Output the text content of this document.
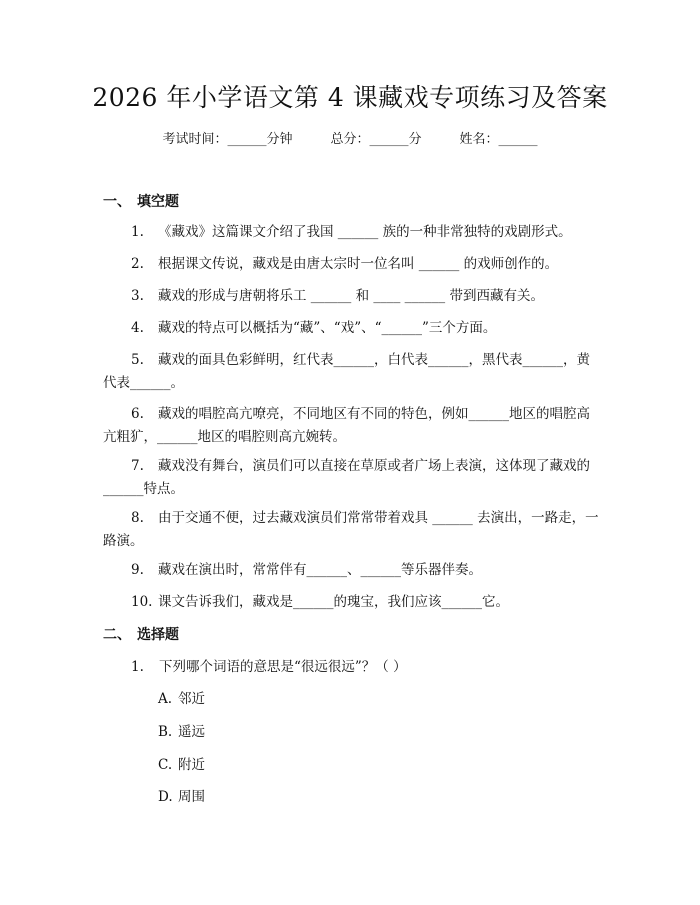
2026 年小学语文第 4 课藏戏专项练习及答案
考试时间：______分钟	总分：______分	姓名：______
一、 填空题
1. 《藏戏》这篇课文介绍了我国 ______ 族的一种非常独特的戏剧形式。
2. 根据课文传说，藏戏是由唐太宗时一位名叫 ______ 的戏师创作的。
3. 藏戏的形成与唐朝将乐工 ______ 和 ____ ______ 带到西藏有关。
4. 藏戏的特点可以概括为“藏”、“戏”、“______”三个方面。
5. 藏戏的面具色彩鲜明，红代表______，白代表______，黑代表______，黄代表______。
6. 藏戏的唱腔高亢嘹亮，不同地区有不同的特色，例如______地区的唱腔高亢粗犷，______地区的唱腔则高亢婉转。
7. 藏戏没有舞台，演员们可以直接在草原或者广场上表演，这体现了藏戏的______特点。
8. 由于交通不便，过去藏戏演员们常常带着戏具 ______ 去演出，一路走，一路演。
9. 藏戏在演出时，常常伴有______、______等乐器伴奏。
10. 课文告诉我们，藏戏是______的瑰宝，我们应该______它。
二、 选择题
1. 下列哪个词语的意思是“很远很远”？（ ）
A. 邻近
B. 遥远
C. 附近
D. 周围
